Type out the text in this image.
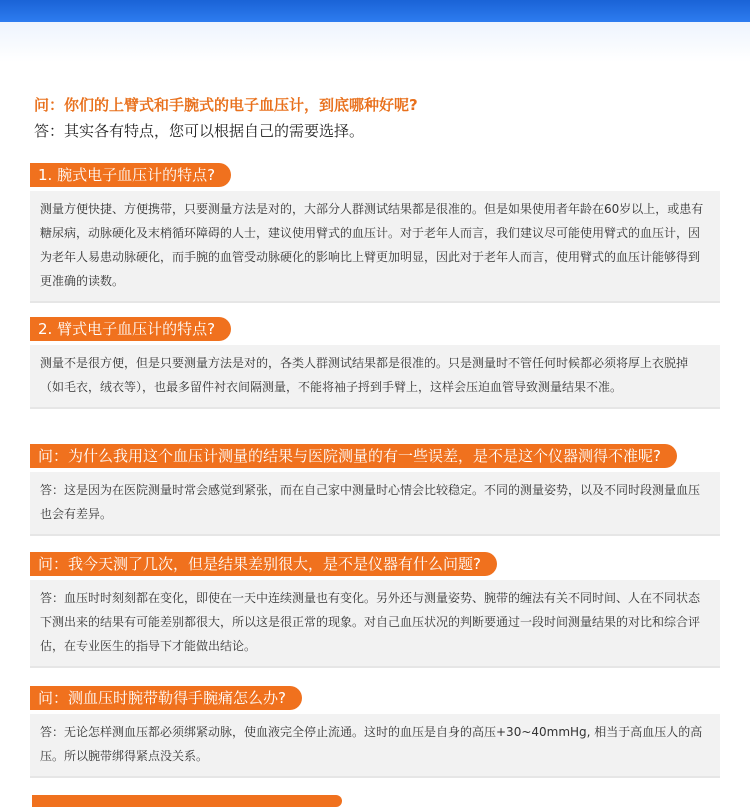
问：你们的上臂式和手腕式的电子血压计，到底哪种好呢?
答：其实各有特点，您可以根据自己的需要选择。
1. 腕式电子血压计的特点?

测量方便快捷、方便携带，只要测量方法是对的，大部分人群测试结果都是很准的。但是如果使用者年龄在60岁以上，或患有糖尿病，动脉硬化及末梢循环障碍的人士，建议使用臂式的血压计。对于老年人而言，我们建议尽可能使用臂式的血压计，因为老年人易患动脉硬化，而手腕的血管受动脉硬化的影响比上臂更加明显，因此对于老年人而言，使用臂式的血压计能够得到更准确的读数。

2. 臂式电子血压计的特点?

测量不是很方便，但是只要测量方法是对的，各类人群测试结果都是很准的。只是测量时不管任何时候都必须将厚上衣脱掉（如毛衣，绒衣等），也最多留件衬衣间隔测量，不能将袖子捋到手臂上，这样会压迫血管导致测量结果不准。

问：为什么我用这个血压计测量的结果与医院测量的有一些误差，是不是这个仪器测得不准呢?

答：这是因为在医院测量时常会感觉到紧张，而在自己家中测量时心情会比较稳定。不同的测量姿势，以及不同时段测量血压也会有差异。

问：我今天测了几次，但是结果差别很大，是不是仪器有什么问题?

答：血压时时刻刻都在变化，即使在一天中连续测量也有变化。另外还与测量姿势、腕带的缠法有关不同时间、人在不同状态下测出来的结果有可能差别都很大，所以这是很正常的现象。对自己血压状况的判断要通过一段时间测量结果的对比和综合评估，在专业医生的指导下才能做出结论。

问：测血压时腕带勒得手腕痛怎么办?

答：无论怎样测血压都必须绑紧动脉，使血液完全停止流通。这时的血压是自身的高压+30~40mmHg, 相当于高血压人的高压。所以腕带绑得紧点没关系。
